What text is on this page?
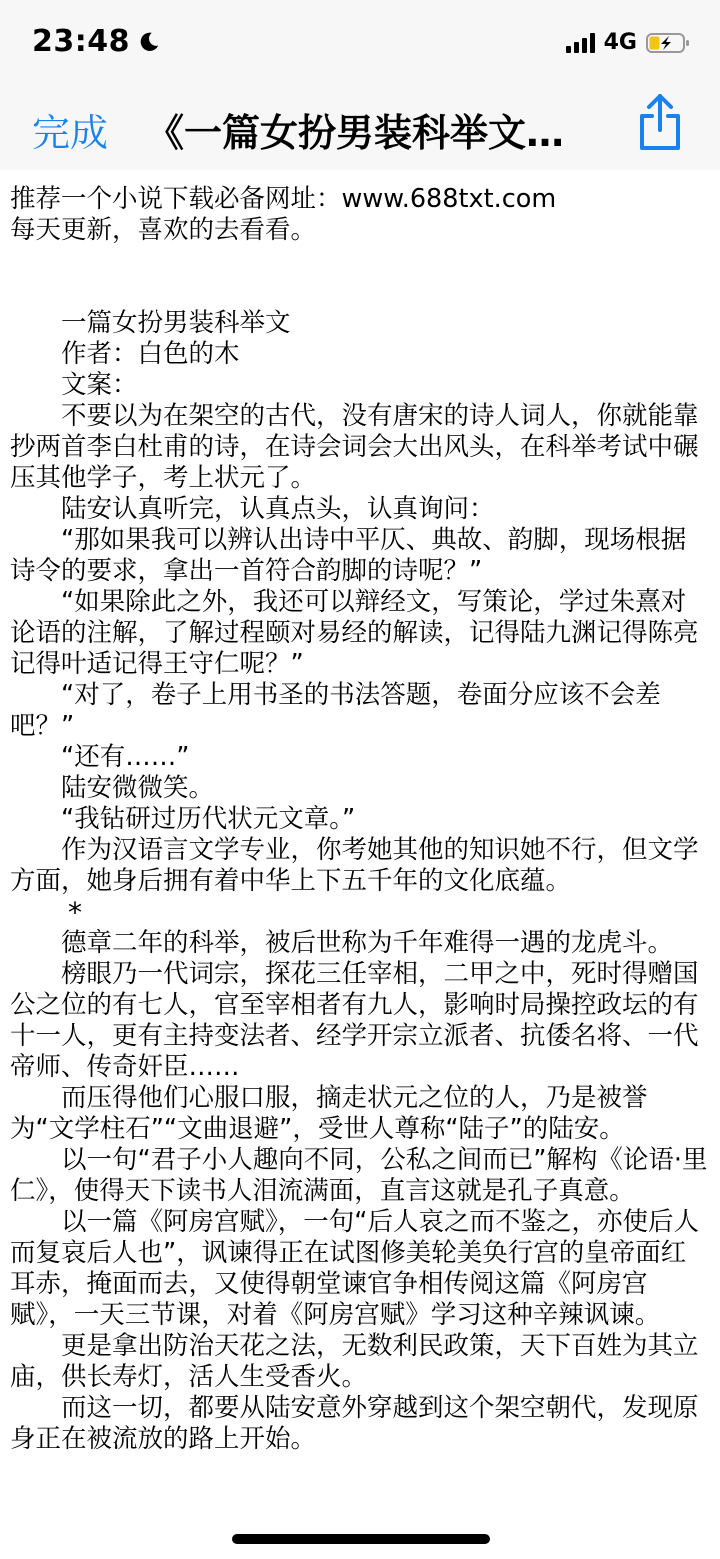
23:48	4G
完成 《一篇女扮男装科举文…

推荐一个小说下载必备网址：www.688txt.com

每天更新，喜欢的去看看。

一篇女扮男装科举文

作者：白色的木

文案：

不要以为在架空的古代，没有唐宋的诗人词人，你就能靠抄两首李白杜甫的诗，在诗会词会大出风头，在科举考试中碾压其他学子，考上状元了。

陆安认真听完，认真点头，认真询问：

“那如果我可以辨认出诗中平仄、典故、韵脚，现场根据诗令的要求，拿出一首符合韵脚的诗呢？”

“如果除此之外，我还可以辩经文，写策论，学过朱熹对论语的注解，了解过程颐对易经的解读，记得陆九渊记得陈亮记得叶适记得王守仁呢？”

“对了，卷子上用书圣的书法答题，卷面分应该不会差吧？”

“还有……”

陆安微微笑。

“我钻研过历代状元文章。”

作为汉语言文学专业，你考她其他的知识她不行，但文学方面，她身后拥有着中华上下五千年的文化底蕴。

*

德章二年的科举，被后世称为千年难得一遇的龙虎斗。

榜眼乃一代词宗，探花三任宰相，二甲之中，死时得赠国公之位的有七人，官至宰相者有九人，影响时局操控政坛的有十一人，更有主持变法者、经学开宗立派者、抗倭名将、一代帝师、传奇奸臣……

而压得他们心服口服，摘走状元之位的人，乃是被誉为“文学柱石”“文曲退避”，受世人尊称“陆子”的陆安。

以一句“君子小人趣向不同，公私之间而已”解构《论语·里仁》，使得天下读书人泪流满面，直言这就是孔子真意。

以一篇《阿房宫赋》，一句“后人哀之而不鉴之，亦使后人而复哀后人也”，讽谏得正在试图修美轮美奂行宫的皇帝面红耳赤，掩面而去，又使得朝堂谏官争相传阅这篇《阿房宫赋》，一天三节课，对着《阿房宫赋》学习这种辛辣讽谏。

更是拿出防治天花之法，无数利民政策，天下百姓为其立庙，供长寿灯，活人生受香火。

而这一切，都要从陆安意外穿越到这个架空朝代，发现原身正在被流放的路上开始。
